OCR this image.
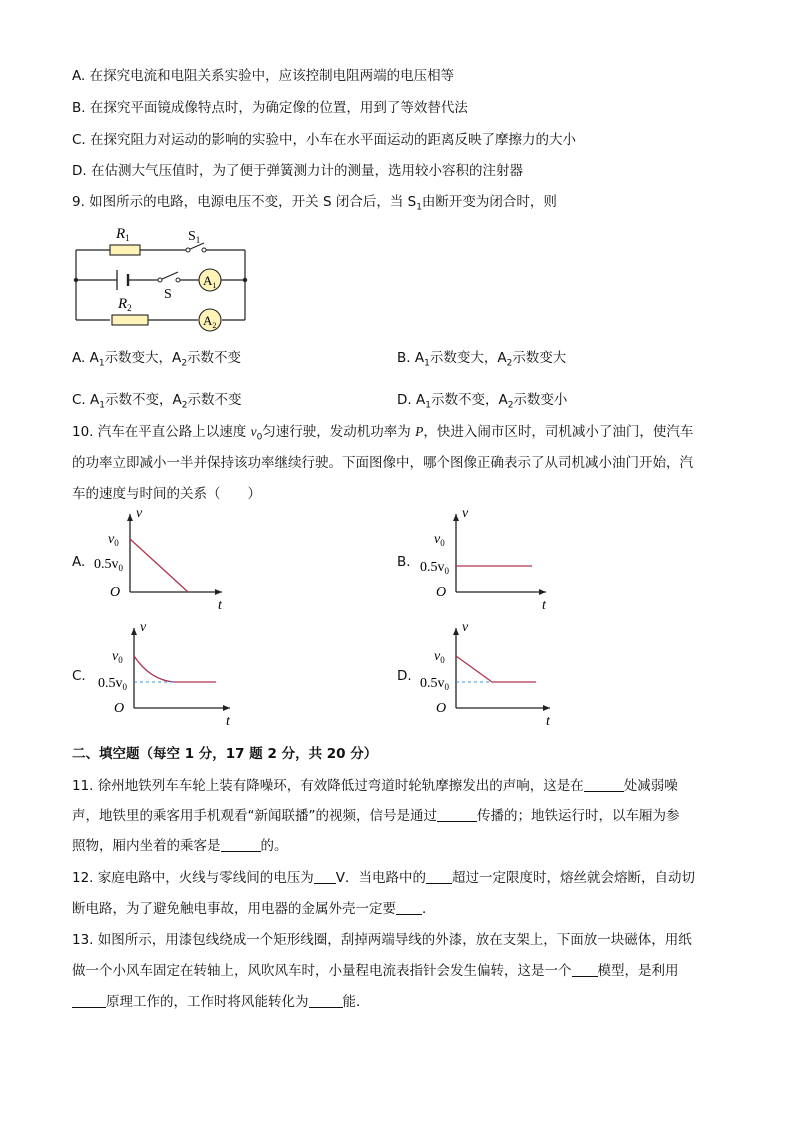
A. 在探究电流和电阻关系实验中，应该控制电阻两端的电压相等
B. 在探究平面镜成像特点时，为确定像的位置，用到了等效替代法
C. 在探究阻力对运动的影响的实验中，小车在水平面运动的距离反映了摩擦力的大小
D. 在估测大气压值时，为了便于弹簧测力计的测量，选用较小容积的注射器
9. 如图所示的电路，电源电压不变，开关 S 闭合后，当 $S_1$由断开变为闭合时，则
$R_1$
$R_2$
$S_1$
S
$A_1$
$A_2$
A. $A_1$示数变大，$A_2$示数不变	B. $A_1$示数变大，$A_2$示数变大
C. $A_1$示数不变，$A_2$示数不变	D. $A_1$示数不变，$A_2$示数变小
10. 汽车在平直公路上以速度 $v_0$匀速行驶，发动机功率为 P，快进入闹市区时，司机减小了油门，使汽车
的功率立即减小一半并保持该功率继续行驶。下面图像中，哪个图像正确表示了从司机减小油门开始，汽
车的速度与时间的关系（　　）
A.	B.
C.	D.
v
t
O
$v_0$
$0.5v_0$
v
t
O
$v_0$
$0.5v_0$
v
t
O
$v_0$
$0.5v_0$
v
t
O
$v_0$
$0.5v_0$
二、填空题（每空 1 分，17 题 2 分，共 20 分）
11. 徐州地铁列车车轮上装有降噪环，有效降低过弯道时轮轨摩擦发出的声响，这是在	处减弱噪
声，地铁里的乘客用手机观看“新闻联播”的视频，信号是通过	传播的；地铁运行时，以车厢为参
照物，厢内坐着的乘客是	的。
12. 家庭电路中，火线与零线间的电压为 V．当电路中的 超过一定限度时，熔丝就会熔断，自动切
断电路，为了避免触电事故，用电器的金属外壳一定要 ．
13. 如图所示，用漆包线绕成一个矩形线圈，刮掉两端导线的外漆，放在支架上，下面放一块磁体，用纸
做一个小风车固定在转轴上，风吹风车时，小量程电流表指针会发生偏转，这是一个 模型，是利用
原理工作的，工作时将风能转化为	能．
